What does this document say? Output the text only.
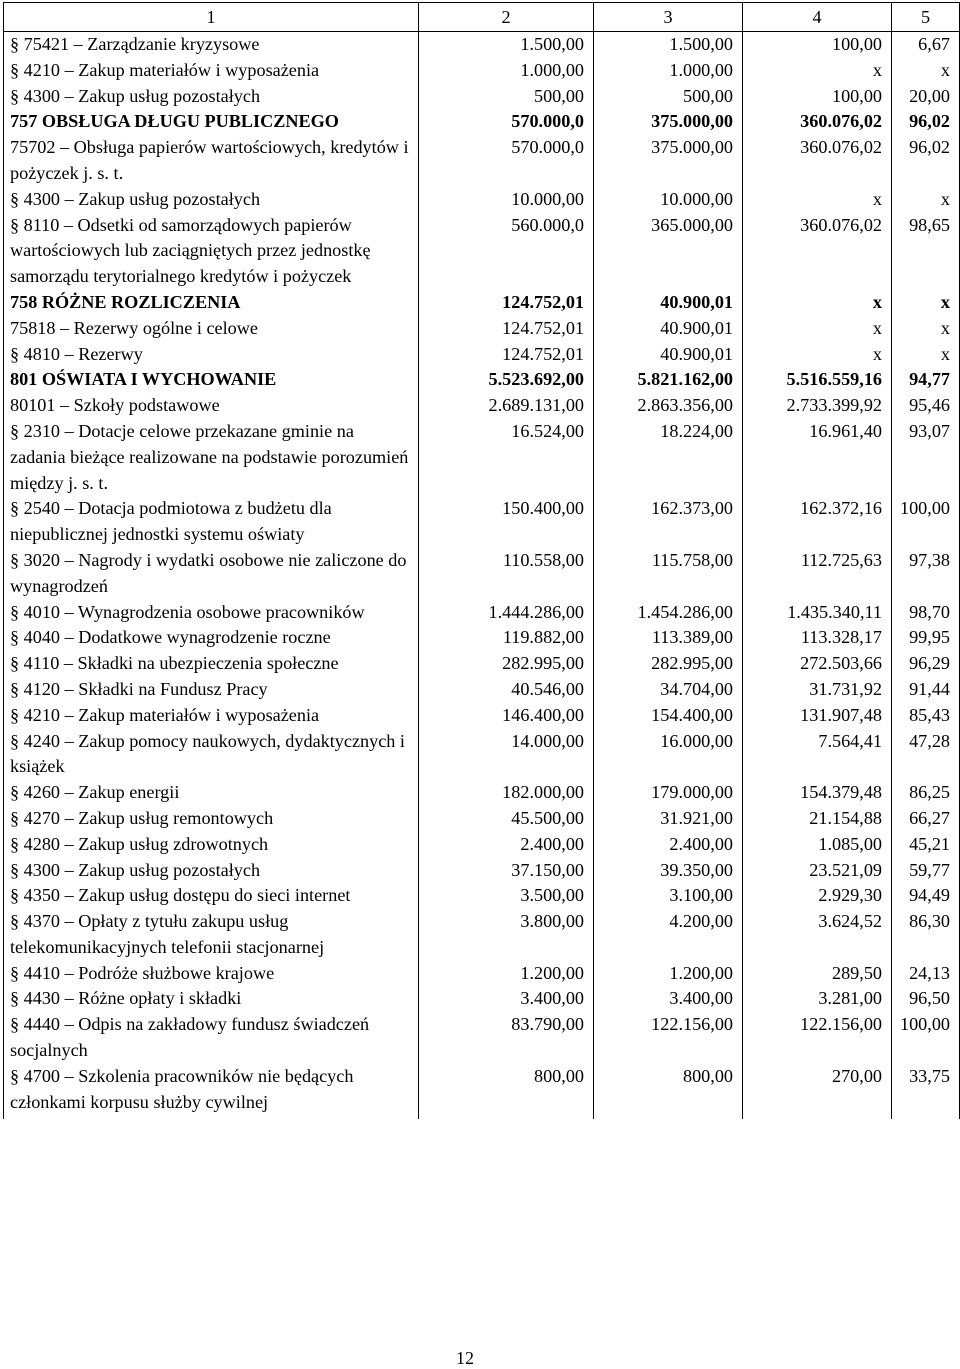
1	2	3	4	5
§ 75421 – Zarządzanie kryzysowe	1.500,00	1.500,00	100,00	6,67
§ 4210 – Zakup materiałów i wyposażenia	1.000,00	1.000,00	x	x
§ 4300 – Zakup usług pozostałych	500,00	500,00	100,00	20,00
757 OBSŁUGA DŁUGU PUBLICZNEGO	570.000,0	375.000,00	360.076,02	96,02
75702 – Obsługa papierów wartościowych, kredytów i pożyczek j. s. t.	570.000,0	375.000,00	360.076,02	96,02
§ 4300 – Zakup usług pozostałych	10.000,00	10.000,00	x	x
§ 8110 – Odsetki od samorządowych papierów wartościowych lub zaciągniętych przez jednostkę samorządu terytorialnego kredytów i pożyczek	560.000,0	365.000,00	360.076,02	98,65
758 RÓŻNE ROZLICZENIA	124.752,01	40.900,01	x	x
75818 – Rezerwy ogólne i celowe	124.752,01	40.900,01	x	x
§ 4810 – Rezerwy	124.752,01	40.900,01	x	x
801 OŚWIATA I WYCHOWANIE	5.523.692,00	5.821.162,00	5.516.559,16	94,77
80101 – Szkoły podstawowe	2.689.131,00	2.863.356,00	2.733.399,92	95,46
§ 2310 – Dotacje celowe przekazane gminie na zadania bieżące realizowane na podstawie porozumień między j. s. t.	16.524,00	18.224,00	16.961,40	93,07
§ 2540 – Dotacja podmiotowa z budżetu dla niepublicznej jednostki systemu oświaty	150.400,00	162.373,00	162.372,16	100,00
§ 3020 – Nagrody i wydatki osobowe nie zaliczone do wynagrodzeń	110.558,00	115.758,00	112.725,63	97,38
§ 4010 – Wynagrodzenia osobowe pracowników	1.444.286,00	1.454.286,00	1.435.340,11	98,70
§ 4040 – Dodatkowe wynagrodzenie roczne	119.882,00	113.389,00	113.328,17	99,95
§ 4110 – Składki na ubezpieczenia społeczne	282.995,00	282.995,00	272.503,66	96,29
§ 4120 – Składki na Fundusz Pracy	40.546,00	34.704,00	31.731,92	91,44
§ 4210 – Zakup materiałów i wyposażenia	146.400,00	154.400,00	131.907,48	85,43
§ 4240 – Zakup pomocy naukowych, dydaktycznych i książek	14.000,00	16.000,00	7.564,41	47,28
§ 4260 – Zakup energii	182.000,00	179.000,00	154.379,48	86,25
§ 4270 – Zakup usług remontowych	45.500,00	31.921,00	21.154,88	66,27
§ 4280 – Zakup usług zdrowotnych	2.400,00	2.400,00	1.085,00	45,21
§ 4300 – Zakup usług pozostałych	37.150,00	39.350,00	23.521,09	59,77
§ 4350 – Zakup usług dostępu do sieci internet	3.500,00	3.100,00	2.929,30	94,49
§ 4370 – Opłaty z tytułu zakupu usług telekomunikacyjnych telefonii stacjonarnej	3.800,00	4.200,00	3.624,52	86,30
§ 4410 – Podróże służbowe krajowe	1.200,00	1.200,00	289,50	24,13
§ 4430 – Różne opłaty i składki	3.400,00	3.400,00	3.281,00	96,50
§ 4440 – Odpis na zakładowy fundusz świadczeń socjalnych	83.790,00	122.156,00	122.156,00	100,00
§ 4700 – Szkolenia pracowników nie będących członkami korpusu służby cywilnej	800,00	800,00	270,00	33,75
12
